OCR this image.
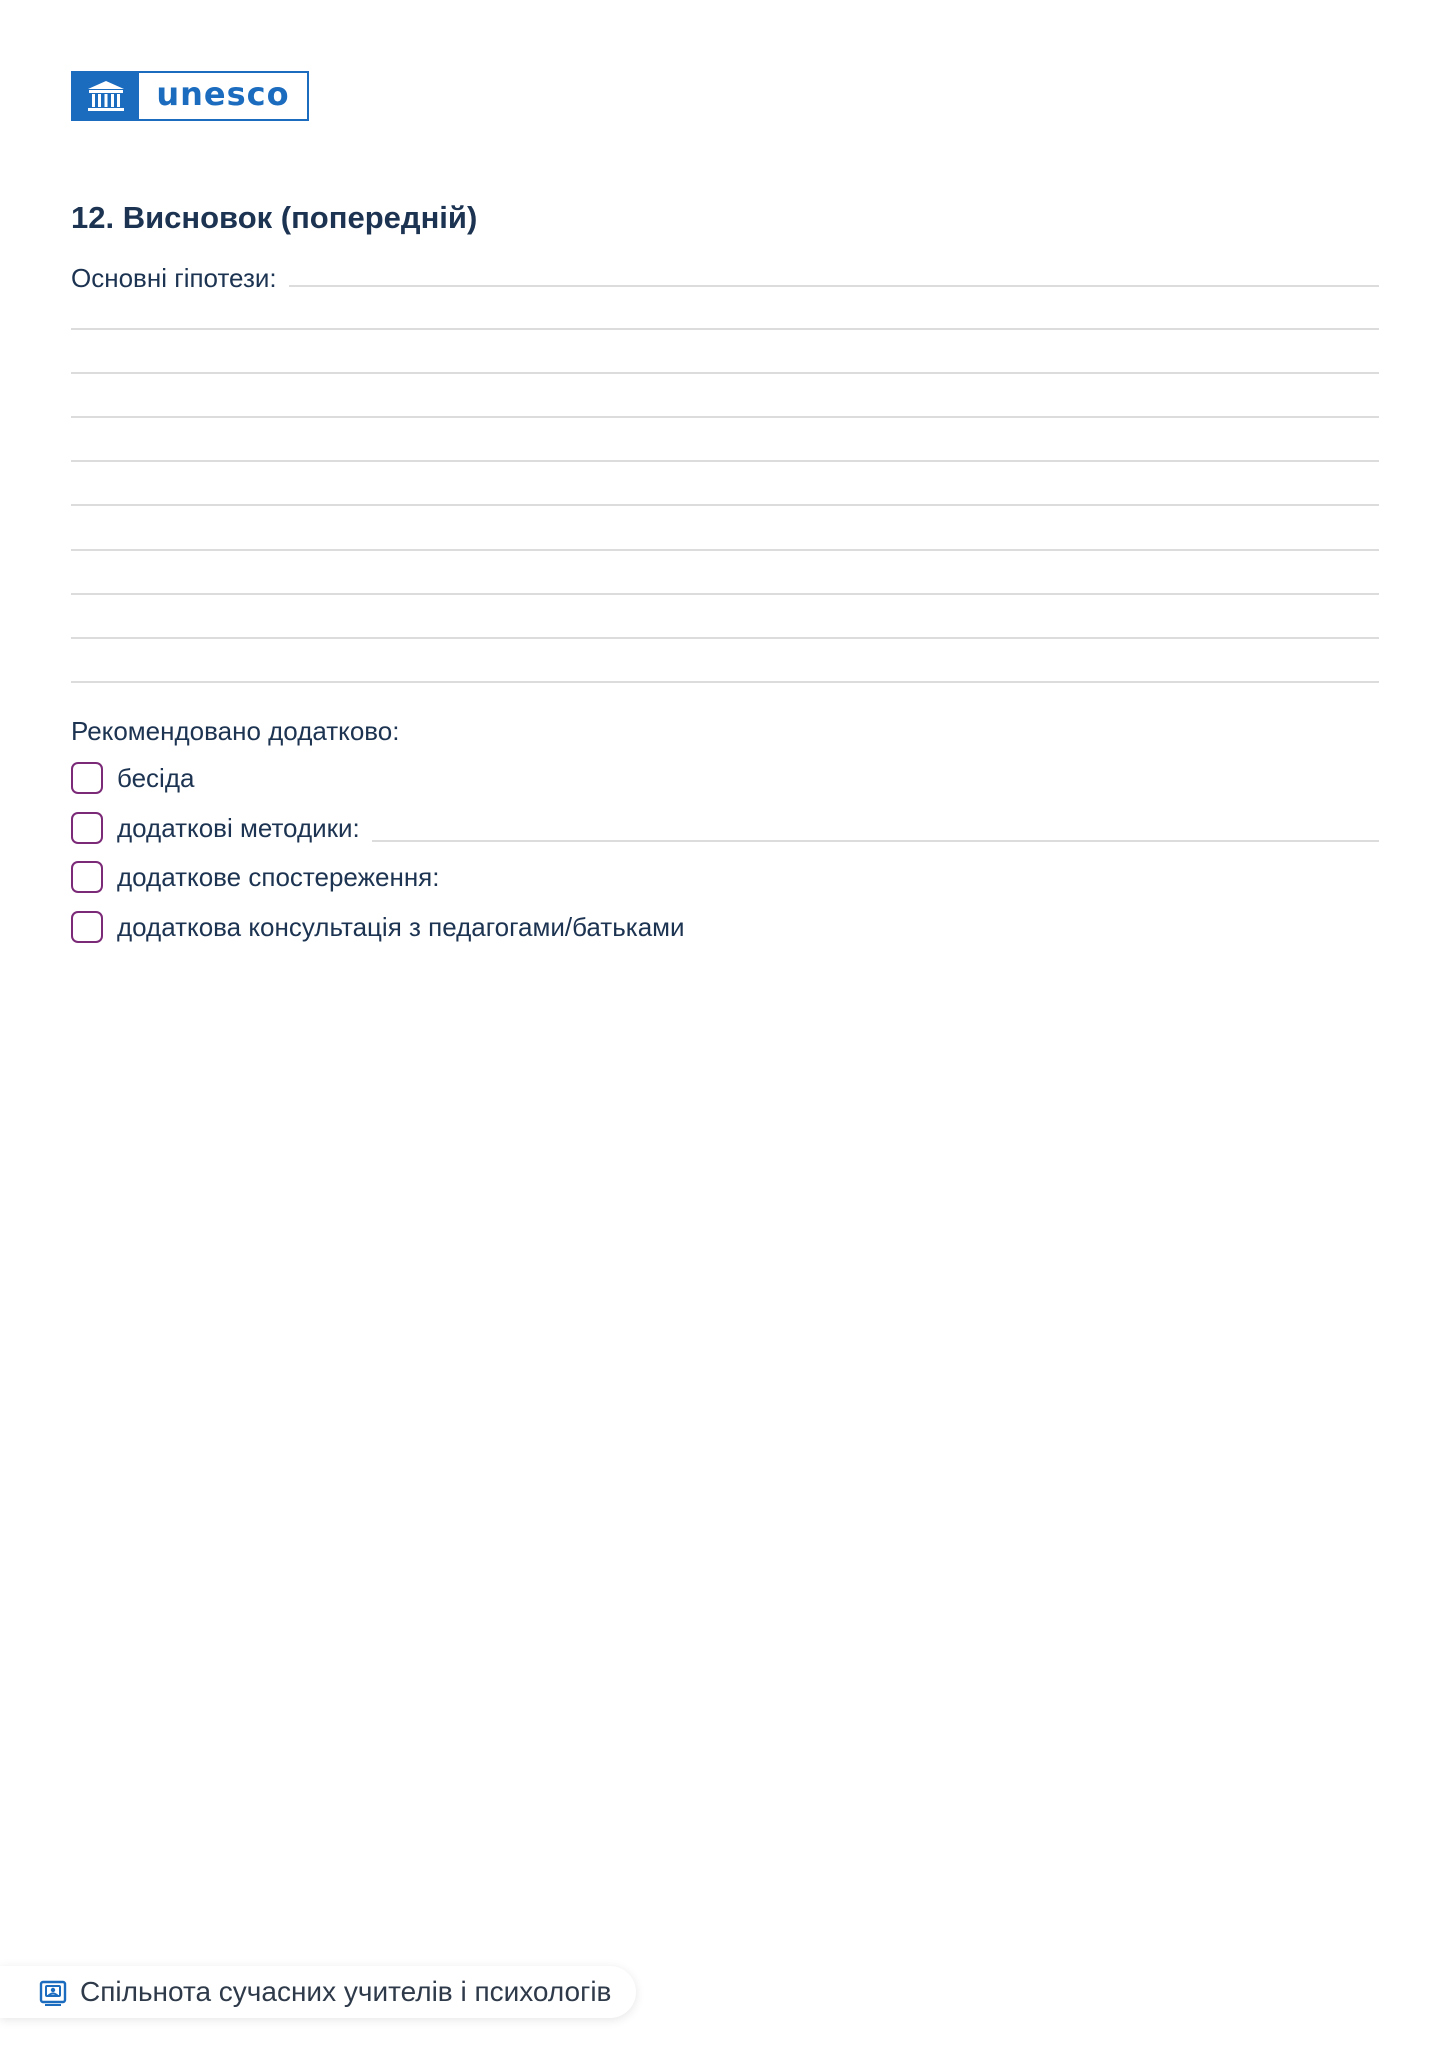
unesco
12. Висновок (попередній)
Основні гіпотези:
Рекомендовано додатково:
бесіда
додаткові методики:
додаткове спостереження:
додаткова консультація з педагогами/батьками
Спільнота сучасних учителів і психологів
